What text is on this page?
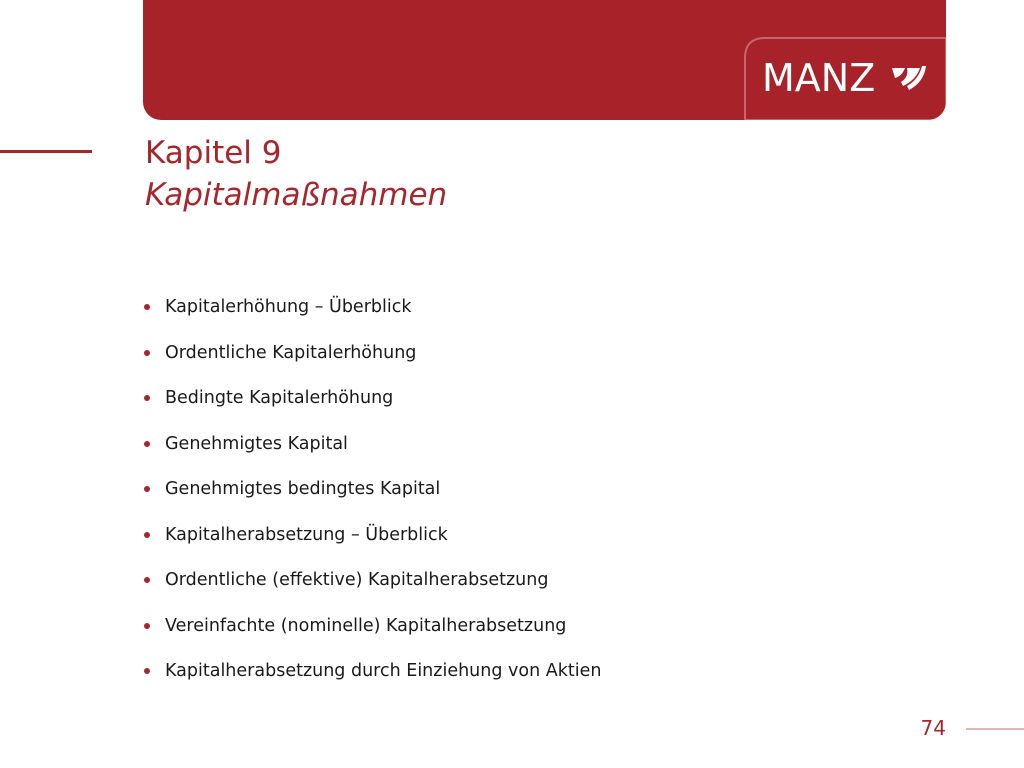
MANZ
Kapitel 9
Kapitalmaßnahmen
Kapitalerhöhung – Überblick
Ordentliche Kapitalerhöhung
Bedingte Kapitalerhöhung
Genehmigtes Kapital
Genehmigtes bedingtes Kapital
Kapitalherabsetzung – Überblick
Ordentliche (effektive) Kapitalherabsetzung
Vereinfachte (nominelle) Kapitalherabsetzung
Kapitalherabsetzung durch Einziehung von Aktien
74
